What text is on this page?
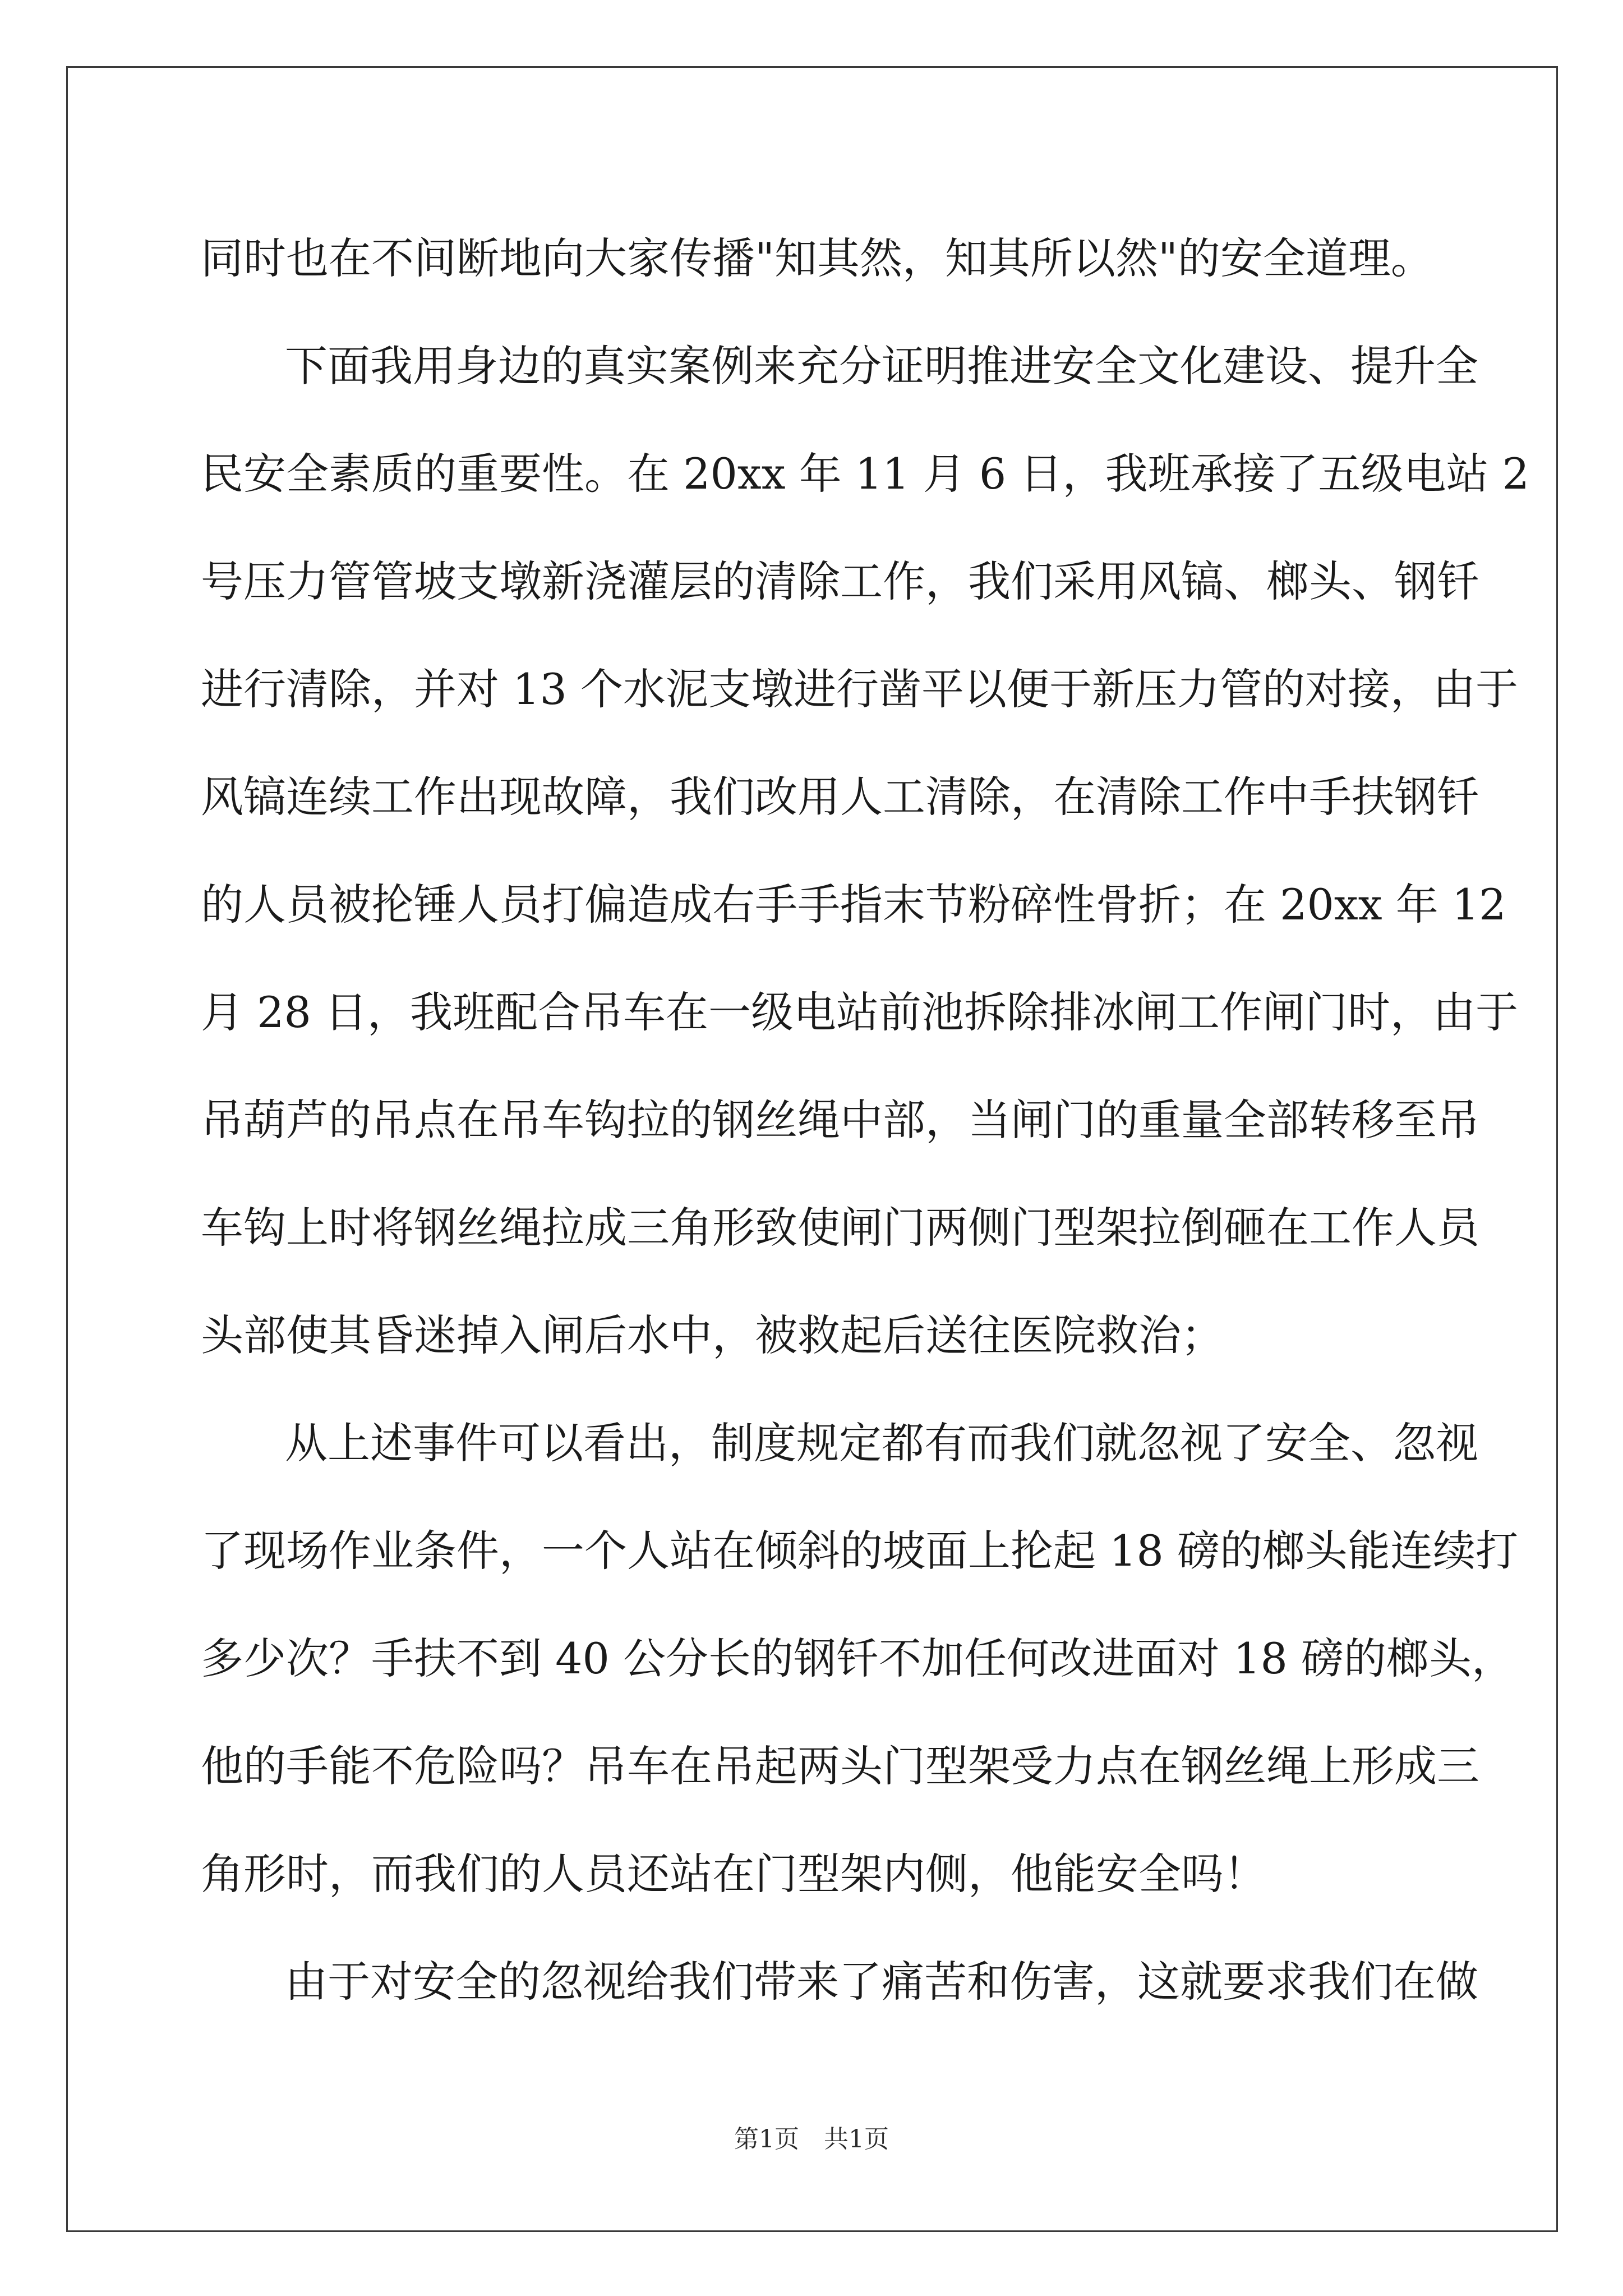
同时也在不间断地向大家传播"知其然，知其所以然"的安全道理。
下面我用身边的真实案例来充分证明推进安全文化建设、提升全
民安全素质的重要性。在 20xx 年 11 月 6 日，我班承接了五级电站 2
号压力管管坡支墩新浇灌层的清除工作，我们采用风镐、榔头、钢钎
进行清除，并对 13 个水泥支墩进行凿平以便于新压力管的对接，由于
风镐连续工作出现故障，我们改用人工清除，在清除工作中手扶钢钎
的人员被抡锤人员打偏造成右手手指末节粉碎性骨折；在 20xx 年 12
月 28 日，我班配合吊车在一级电站前池拆除排冰闸工作闸门时，由于
吊葫芦的吊点在吊车钩拉的钢丝绳中部，当闸门的重量全部转移至吊
车钩上时将钢丝绳拉成三角形致使闸门两侧门型架拉倒砸在工作人员
头部使其昏迷掉入闸后水中，被救起后送往医院救治；
从上述事件可以看出，制度规定都有而我们就忽视了安全、忽视
了现场作业条件，一个人站在倾斜的坡面上抡起 18 磅的榔头能连续打
多少次？手扶不到 40 公分长的钢钎不加任何改进面对 18 磅的榔头，
他的手能不危险吗？吊车在吊起两头门型架受力点在钢丝绳上形成三
角形时，而我们的人员还站在门型架内侧，他能安全吗！
由于对安全的忽视给我们带来了痛苦和伤害，这就要求我们在做
第1页　共1页
